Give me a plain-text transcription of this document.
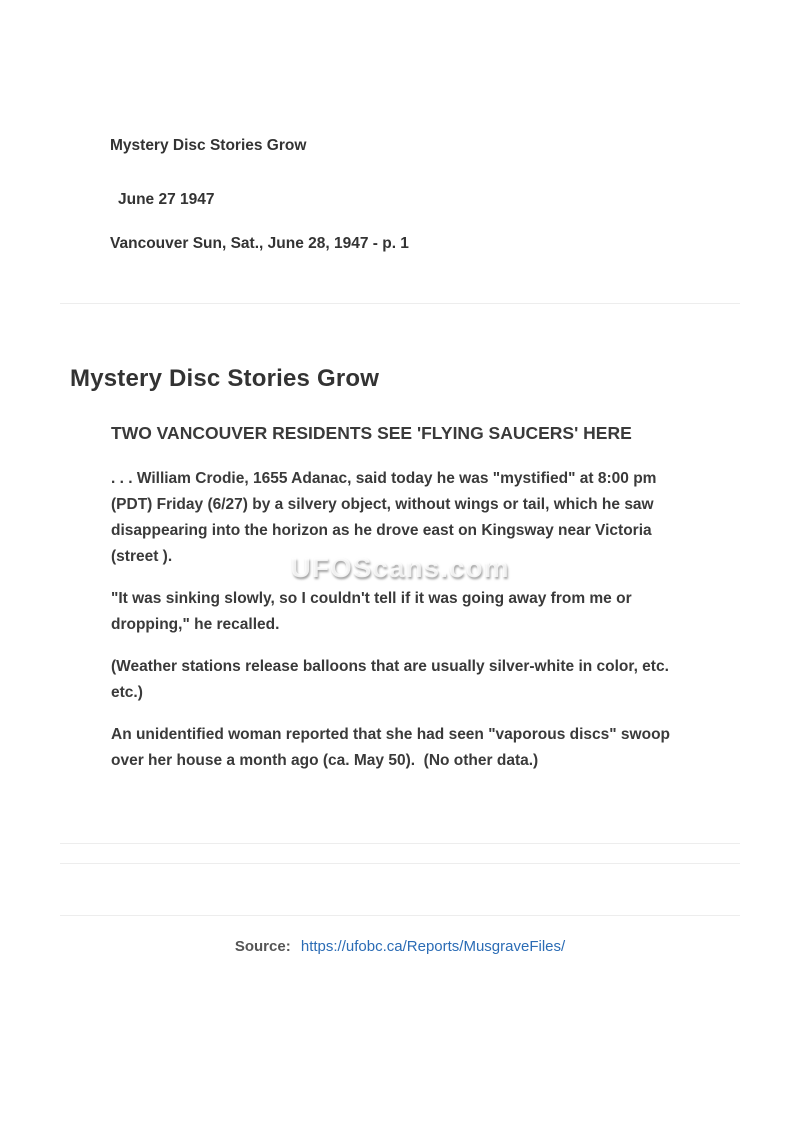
Mystery Disc Stories Grow
June 27 1947
Vancouver Sun, Sat., June 28, 1947 - p. 1
Mystery Disc Stories Grow
TWO VANCOUVER RESIDENTS SEE 'FLYING SAUCERS' HERE

. . . William Crodie, 1655 Adanac, said today he was "mystified" at 8:00 pm (PDT) Friday (6/27) by a silvery object, without wings or tail, which he saw disappearing into the horizon as he drove east on Kingsway near Victoria (street ).

"It was sinking slowly, so I couldn't tell if it was going away from me or dropping," he recalled.

(Weather stations release balloons that are usually silver-white in color, etc. etc.)

An unidentified woman reported that she had seen "vaporous discs" swoop over her house a month ago (ca. May 50).  (No other data.)

UFOScans.com
Source: https://ufobc.ca/Reports/MusgraveFiles/
